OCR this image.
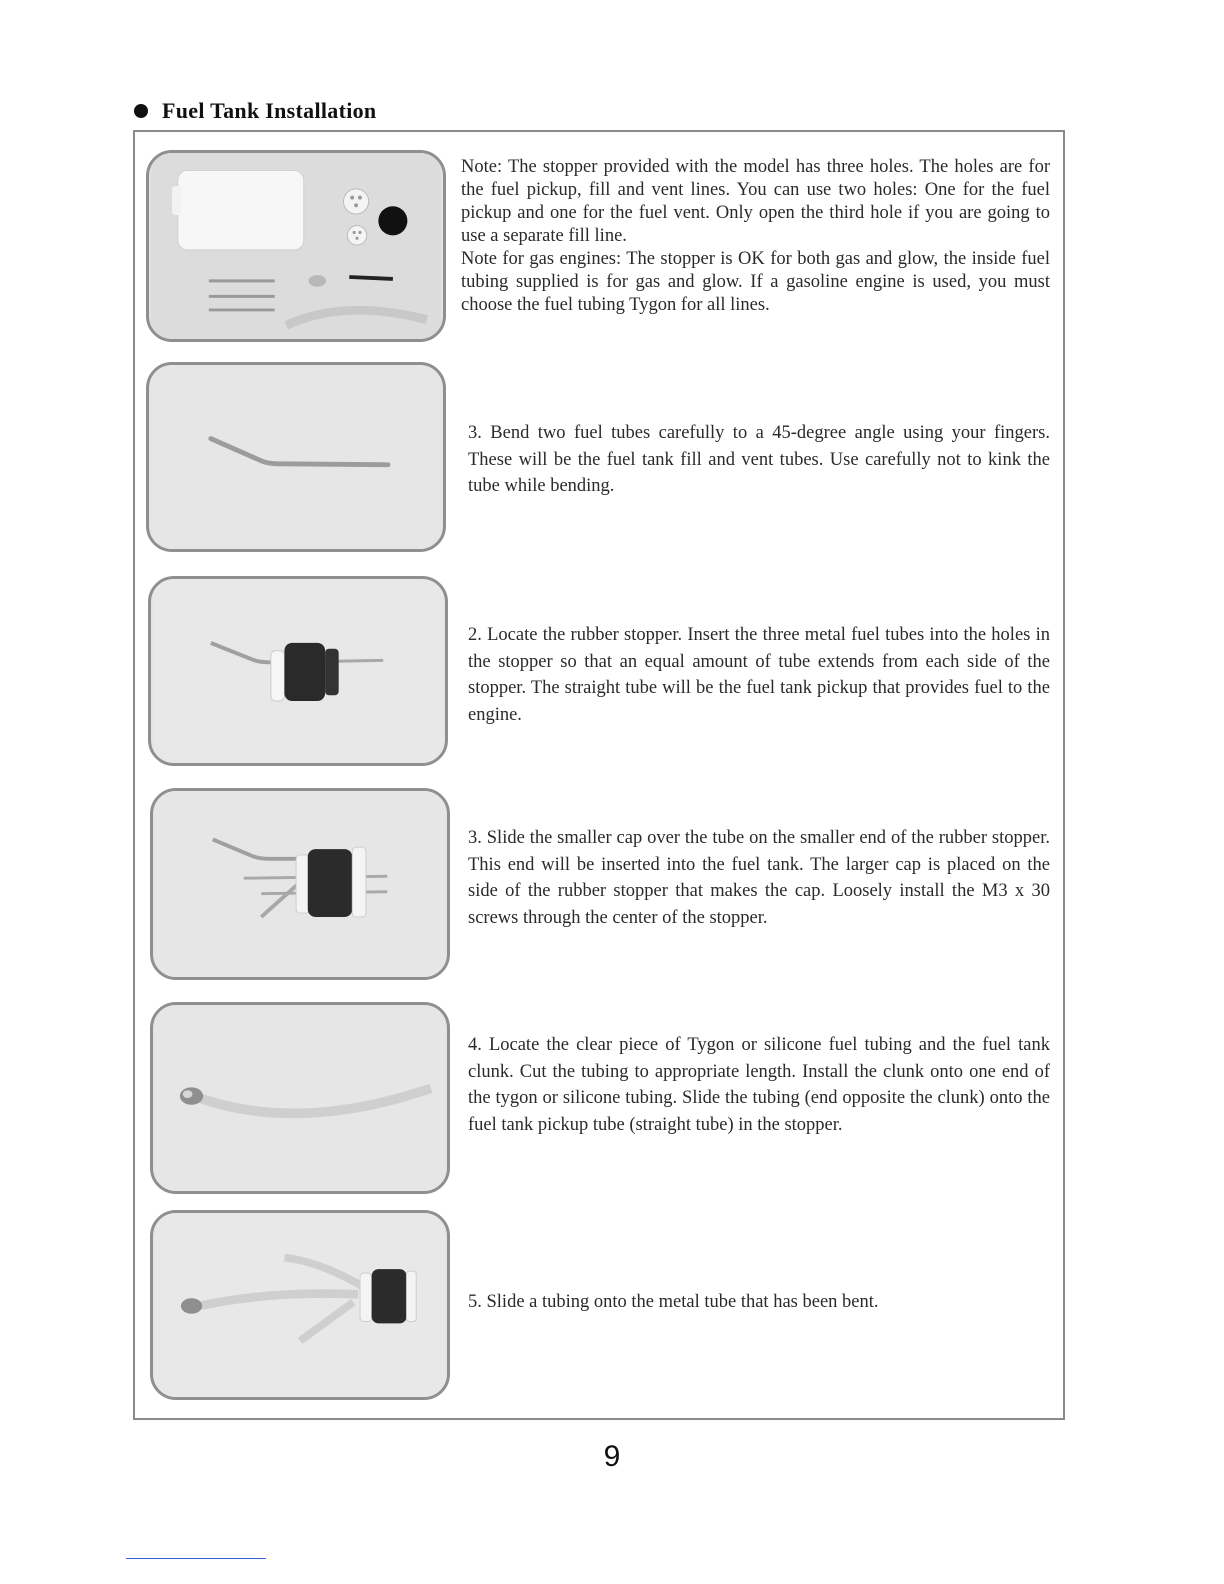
Fuel Tank Installation
Note: The stopper provided with the model has three holes. The holes are for the fuel pickup, fill and vent lines. You can use two holes: One for the fuel pickup and one for the fuel vent. Only open the third hole if you are going to use a separate fill line.
Note for gas engines: The stopper is OK for both gas and glow, the inside fuel tubing supplied is for gas and glow. If a gasoline engine is used, you must choose the fuel tubing Tygon for all lines.
3. Bend two fuel tubes carefully to a 45-degree angle using your fingers. These will be the fuel tank fill and vent tubes. Use carefully not to kink the tube while bending.
2. Locate the rubber stopper. Insert the three metal fuel tubes into the holes in the stopper so that an equal amount of tube extends from each side of the stopper. The straight tube will be the fuel tank pickup that provides fuel to the engine.
3. Slide the smaller cap over the tube on the smaller end of the rubber stopper. This end will be inserted into the fuel tank. The larger cap is placed on the side of the rubber stopper that makes the cap. Loosely install the M3 x 30 screws through the center of the stopper.
4. Locate the clear piece of Tygon or silicone fuel tubing and the fuel tank clunk. Cut the tubing to appropriate length. Install the clunk onto one end of the tygon or silicone tubing. Slide the tubing (end opposite the clunk) onto the fuel tank pickup tube (straight tube) in the stopper.
5. Slide a tubing onto the metal tube that has been bent.
9
